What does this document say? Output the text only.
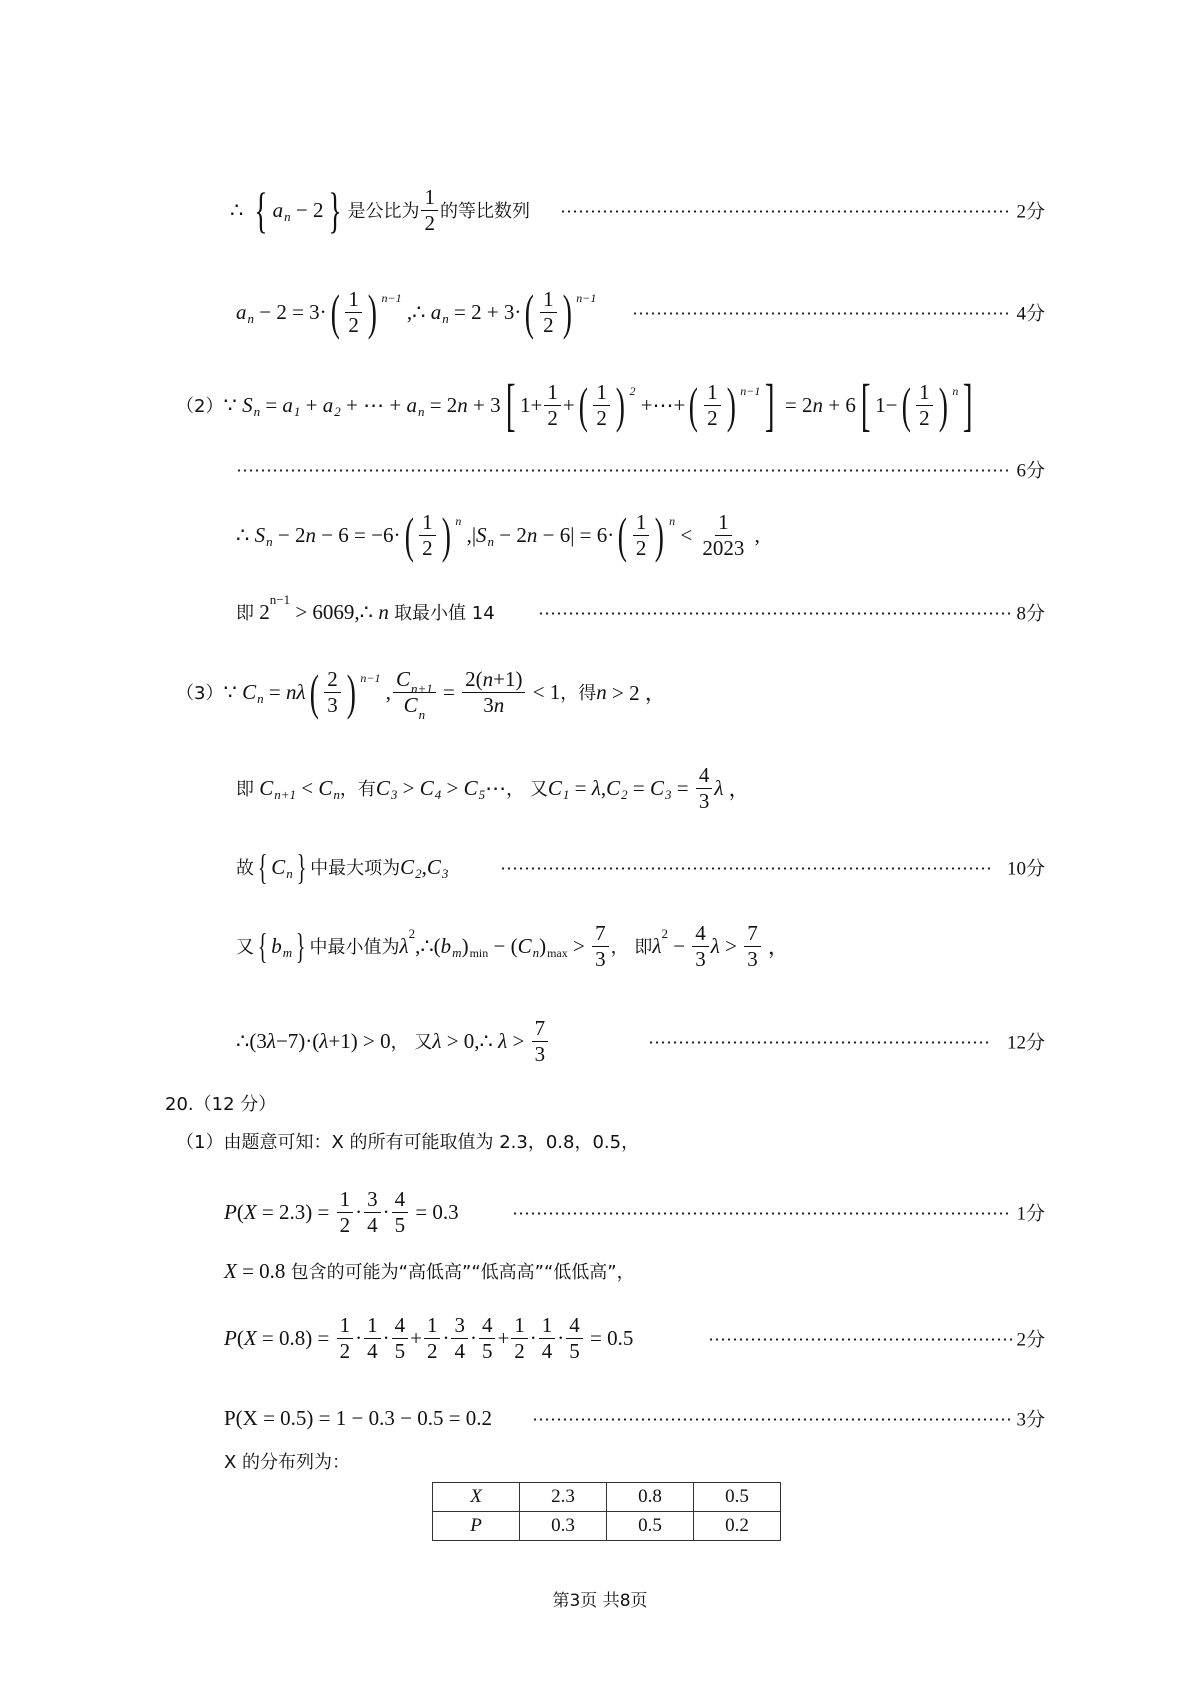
∴
{ a n − 2 } 是公比为 $\frac{1}{2}$ 的等比数列	2分
a n − 2 = 3· ( $\frac{1}{2}$ ) n−1
,∴ a n = 2 + 3· ( $\frac{1}{2}$ ) n−1
4分
（2） ∵ S n = a 1 + a 2 + ⋯ + a n = 2 n + 3 [ $1+ \frac{1}{2}$ + ( $\frac{1}{2}$ ) 2
+⋯+ ( $\frac{1}{2}$ ) n−1 ] = 2 n + 6 [ 1− ( $\frac{1}{2}$ ) n ]
6分
∴ S n − 2 n − 6 = −6· ( $\frac{1}{2}$ ) n
,| S n − 2 n − 6| = 6· ( $\frac{1}{2}$ ) n
< $\frac{1}{2023}$ ,
即 2 n−1 > 6069,∴ n
取最小值 14	8分
（3） ∵ C n = nλ ( $\frac{2}{3}$ ) n−1
, $\frac{C_{n+1}}{C_n} = \frac{2(n+1)}{3n} < 1$ ，得 n > 2 ，
即
C n+1 < C n ，有 C 3 > C 4 > C 5 ⋯ ， 又 C 1 = λ , C 2 = C $3 = \frac{4}{3}$ λ ，
故 { C n } 中最大项为 C 2 , C 3	10分
又 { b m } 中最小值为 λ 2 ,∴( b m ) min − ( C n ) $\max > \frac{7}{3}$ ， 即 λ $2 - \frac{4}{3}$ $\lambda > \frac{7}{3}$ ，
∴(3 λ −7)·( λ +1) > 0 ， 又 λ > 0,∴ $\lambda > \frac{7}{3}$	12分
20.（12 分）
（1）由题意可知：X 的所有可能取值为 2.3，0.8，0.5，
P ( $X = 2.3) = \frac{1}{2} \cdot \frac{3}{4} \cdot \frac{4}{5} = 0.3$	1分
X = 0.8 包含的可能为“高低高”“低高高”“低低高”，
P ( $X = 0.8) = \frac{1}{2} \cdot \frac{1}{4} \cdot \frac{4}{5} + \frac{1}{2} \cdot \frac{3}{4} \cdot \frac{4}{5} + \frac{1}{2} \cdot \frac{1}{4} \cdot \frac{4}{5} = 0.5$	2分
P(X = 0.5) = 1 − 0.3 − 0.5 = 0.2	3分
X 的分布列为：
X	2.3	0.8	0.5
P	0.3	0.5	0.2
第3页 共8页
